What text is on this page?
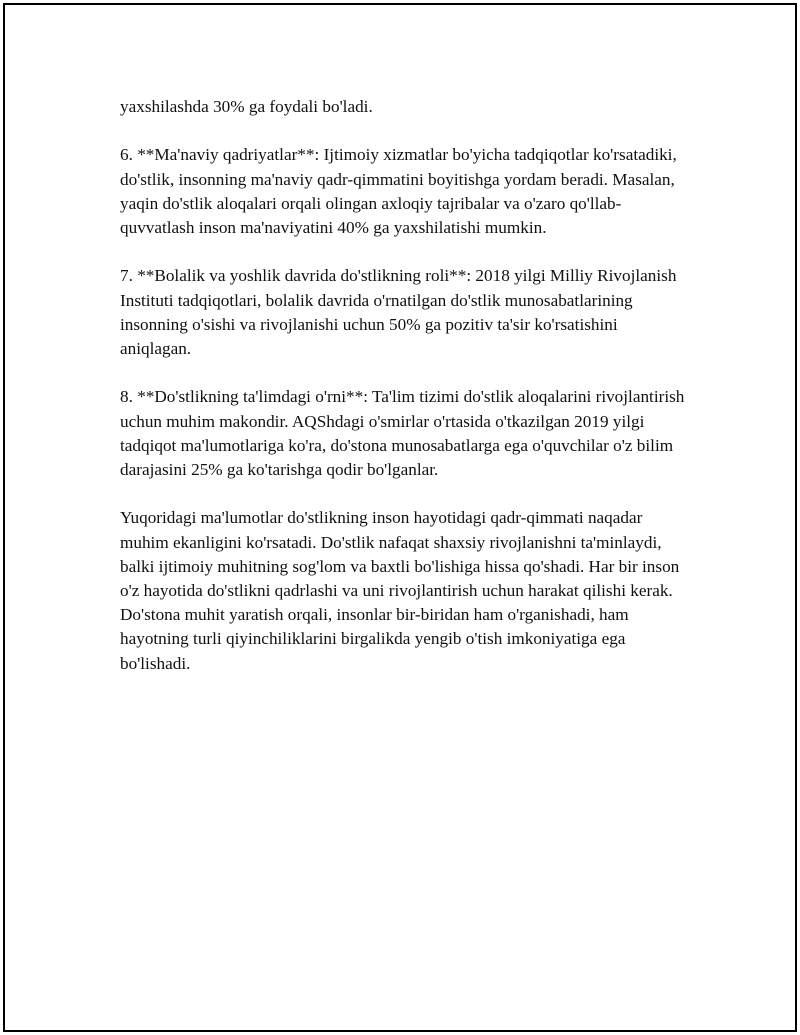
yaxshilashda 30% ga foydali bo'ladi.

6. **Ma'naviy qadriyatlar**: Ijtimoiy xizmatlar bo'yicha tadqiqotlar ko'rsatadiki, do'stlik, insonning ma'naviy qadr-qimmatini boyitishga yordam beradi. Masalan, yaqin do'stlik aloqalari orqali olingan axloqiy tajribalar va o'zaro qo'llab-quvvatlash inson ma'naviyatini 40% ga yaxshilatishi mumkin.

7. **Bolalik va yoshlik davrida do'stlikning roli**: 2018 yilgi Milliy Rivojlanish Instituti tadqiqotlari, bolalik davrida o'rnatilgan do'stlik munosabatlarining insonning o'sishi va rivojlanishi uchun 50% ga pozitiv ta'sir ko'rsatishini aniqlagan.

8. **Do'stlikning ta'limdagi o'rni**: Ta'lim tizimi do'stlik aloqalarini rivojlantirish uchun muhim makondir. AQShdagi o'smirlar o'rtasida o'tkazilgan 2019 yilgi tadqiqot ma'lumotlariga ko'ra, do'stona munosabatlarga ega o'quvchilar o'z bilim darajasini 25% ga ko'tarishga qodir bo'lganlar.

Yuqoridagi ma'lumotlar do'stlikning inson hayotidagi qadr-qimmati naqadar muhim ekanligini ko'rsatadi. Do'stlik nafaqat shaxsiy rivojlanishni ta'minlaydi, balki ijtimoiy muhitning sog'lom va baxtli bo'lishiga hissa qo'shadi. Har bir inson o'z hayotida do'stlikni qadrlashi va uni rivojlantirish uchun harakat qilishi kerak. Do'stona muhit yaratish orqali, insonlar bir-biridan ham o'rganishadi, ham hayotning turli qiyinchiliklarini birgalikda yengib o'tish imkoniyatiga ega bo'lishadi.
